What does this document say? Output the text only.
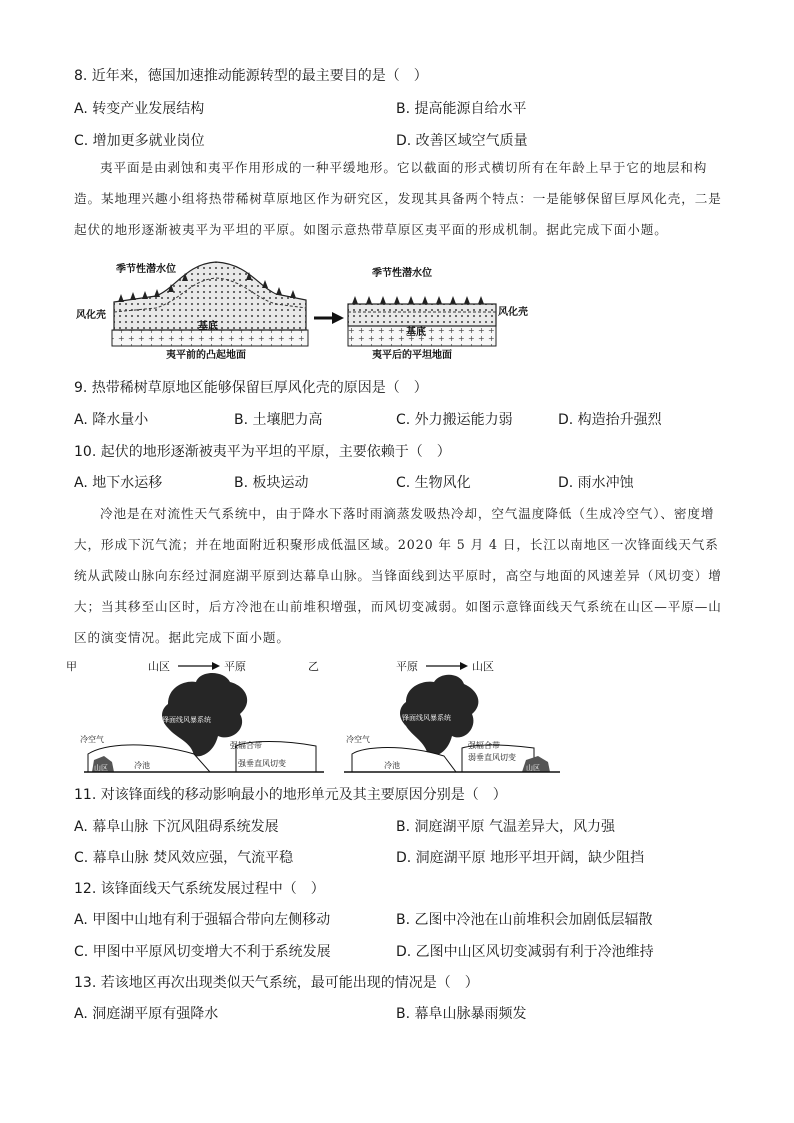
8. 近年来，德国加速推动能源转型的最主要目的是（　）
A. 转变产业发展结构	B. 提高能源自给水平
C. 增加更多就业岗位	D. 改善区域空气质量
夷平面是由剥蚀和夷平作用形成的一种平缓地形。它以截面的形式横切所有在年龄上早于它的地层和构造。某地理兴趣小组将热带稀树草原地区作为研究区，发现其具备两个特点：一是能够保留巨厚风化壳，二是起伏的地形逐渐被夷平为平坦的平原。如图示意热带草原区夷平面的形成机制。据此完成下面小题。
季节性潜水位
风化壳
基底
夷平前的凸起地面
季节性潜水位
风化壳
基底
夷平后的平坦地面
9. 热带稀树草原地区能够保留巨厚风化壳的原因是（　）
A. 降水量小	B. 土壤肥力高	C. 外力搬运能力弱	D. 构造抬升强烈
10. 起伏的地形逐渐被夷平为平坦的平原，主要依赖于（　）
A. 地下水运移	B. 板块运动	C. 生物风化	D. 雨水冲蚀
冷池是在对流性天气系统中，由于降水下落时雨滴蒸发吸热冷却，空气温度降低（生成冷空气）、密度增大，形成下沉气流；并在地面附近积聚形成低温区域。2020 年 5 月 4 日，长江以南地区一次锋面线天气系统从武陵山脉向东经过洞庭湖平原到达幕阜山脉。当锋面线到达平原时，高空与地面的风速差异（风切变）增大；当其移至山区时，后方冷池在山前堆积增强，而风切变减弱。如图示意锋面线天气系统在山区—平原—山区的演变情况。据此完成下面小题。
甲	山区	平原
锋面线风暴系统
冷空气
冷池
强辐合带
强垂直风切变
山区
乙	平原	山区
锋面线风暴系统
冷空气
冷池
强辐合带
弱垂直风切变
山区
11. 对该锋面线的移动影响最小的地形单元及其主要原因分别是（　）
A. 幕阜山脉 下沉风阻碍系统发展	B. 洞庭湖平原 气温差异大，风力强
C. 幕阜山脉 焚风效应强，气流平稳	D. 洞庭湖平原 地形平坦开阔，缺少阻挡
12. 该锋面线天气系统发展过程中（　）
A. 甲图中山地有利于强辐合带向左侧移动	B. 乙图中冷池在山前堆积会加剧低层辐散
C. 甲图中平原风切变增大不利于系统发展	D. 乙图中山区风切变减弱有利于冷池维持
13. 若该地区再次出现类似天气系统，最可能出现的情况是（　）
A. 洞庭湖平原有强降水	B. 幕阜山脉暴雨频发
